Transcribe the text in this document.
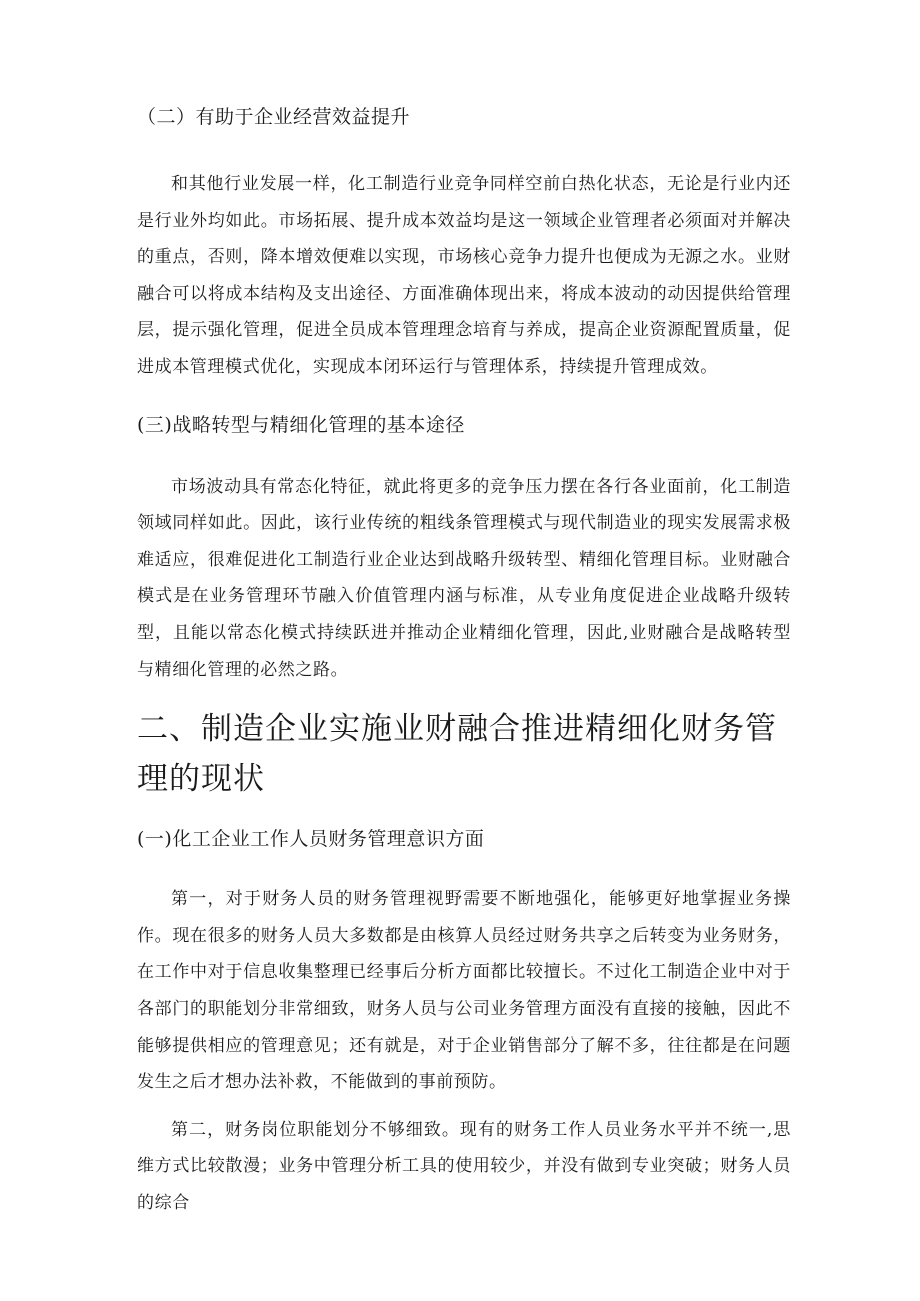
（二）有助于企业经营效益提升

和其他行业发展一样，化工制造行业竞争同样空前白热化状态，无论是行业内还是行业外均如此。市场拓展、提升成本效益均是这一领域企业管理者必须面对并解决的重点，否则，降本增效便难以实现，市场核心竞争力提升也便成为无源之水。业财融合可以将成本结构及支出途径、方面准确体现出来，将成本波动的动因提供给管理层，提示强化管理，促进全员成本管理理念培育与养成，提高企业资源配置质量，促进成本管理模式优化，实现成本闭环运行与管理体系，持续提升管理成效。

(三)战略转型与精细化管理的基本途径

市场波动具有常态化特征，就此将更多的竞争压力摆在各行各业面前，化工制造领域同样如此。因此，该行业传统的粗线条管理模式与现代制造业的现实发展需求极难适应，很难促进化工制造行业企业达到战略升级转型、精细化管理目标。业财融合模式是在业务管理环节融入价值管理内涵与标准，从专业角度促进企业战略升级转型，且能以常态化模式持续跃进并推动企业精细化管理，因此,业财融合是战略转型与精细化管理的必然之路。

二、制造企业实施业财融合推进精细化财务管理的现状
(一)化工企业工作人员财务管理意识方面

第一，对于财务人员的财务管理视野需要不断地强化，能够更好地掌握业务操作。现在很多的财务人员大多数都是由核算人员经过财务共享之后转变为业务财务，在工作中对于信息收集整理已经事后分析方面都比较擅长。不过化工制造企业中对于各部门的职能划分非常细致，财务人员与公司业务管理方面没有直接的接触，因此不能够提供相应的管理意见；还有就是，对于企业销售部分了解不多，往往都是在问题发生之后才想办法补救，不能做到的事前预防。

第二，财务岗位职能划分不够细致。现有的财务工作人员业务水平并不统一,思维方式比较散漫；业务中管理分析工具的使用较少，并没有做到专业突破；财务人员的综合
